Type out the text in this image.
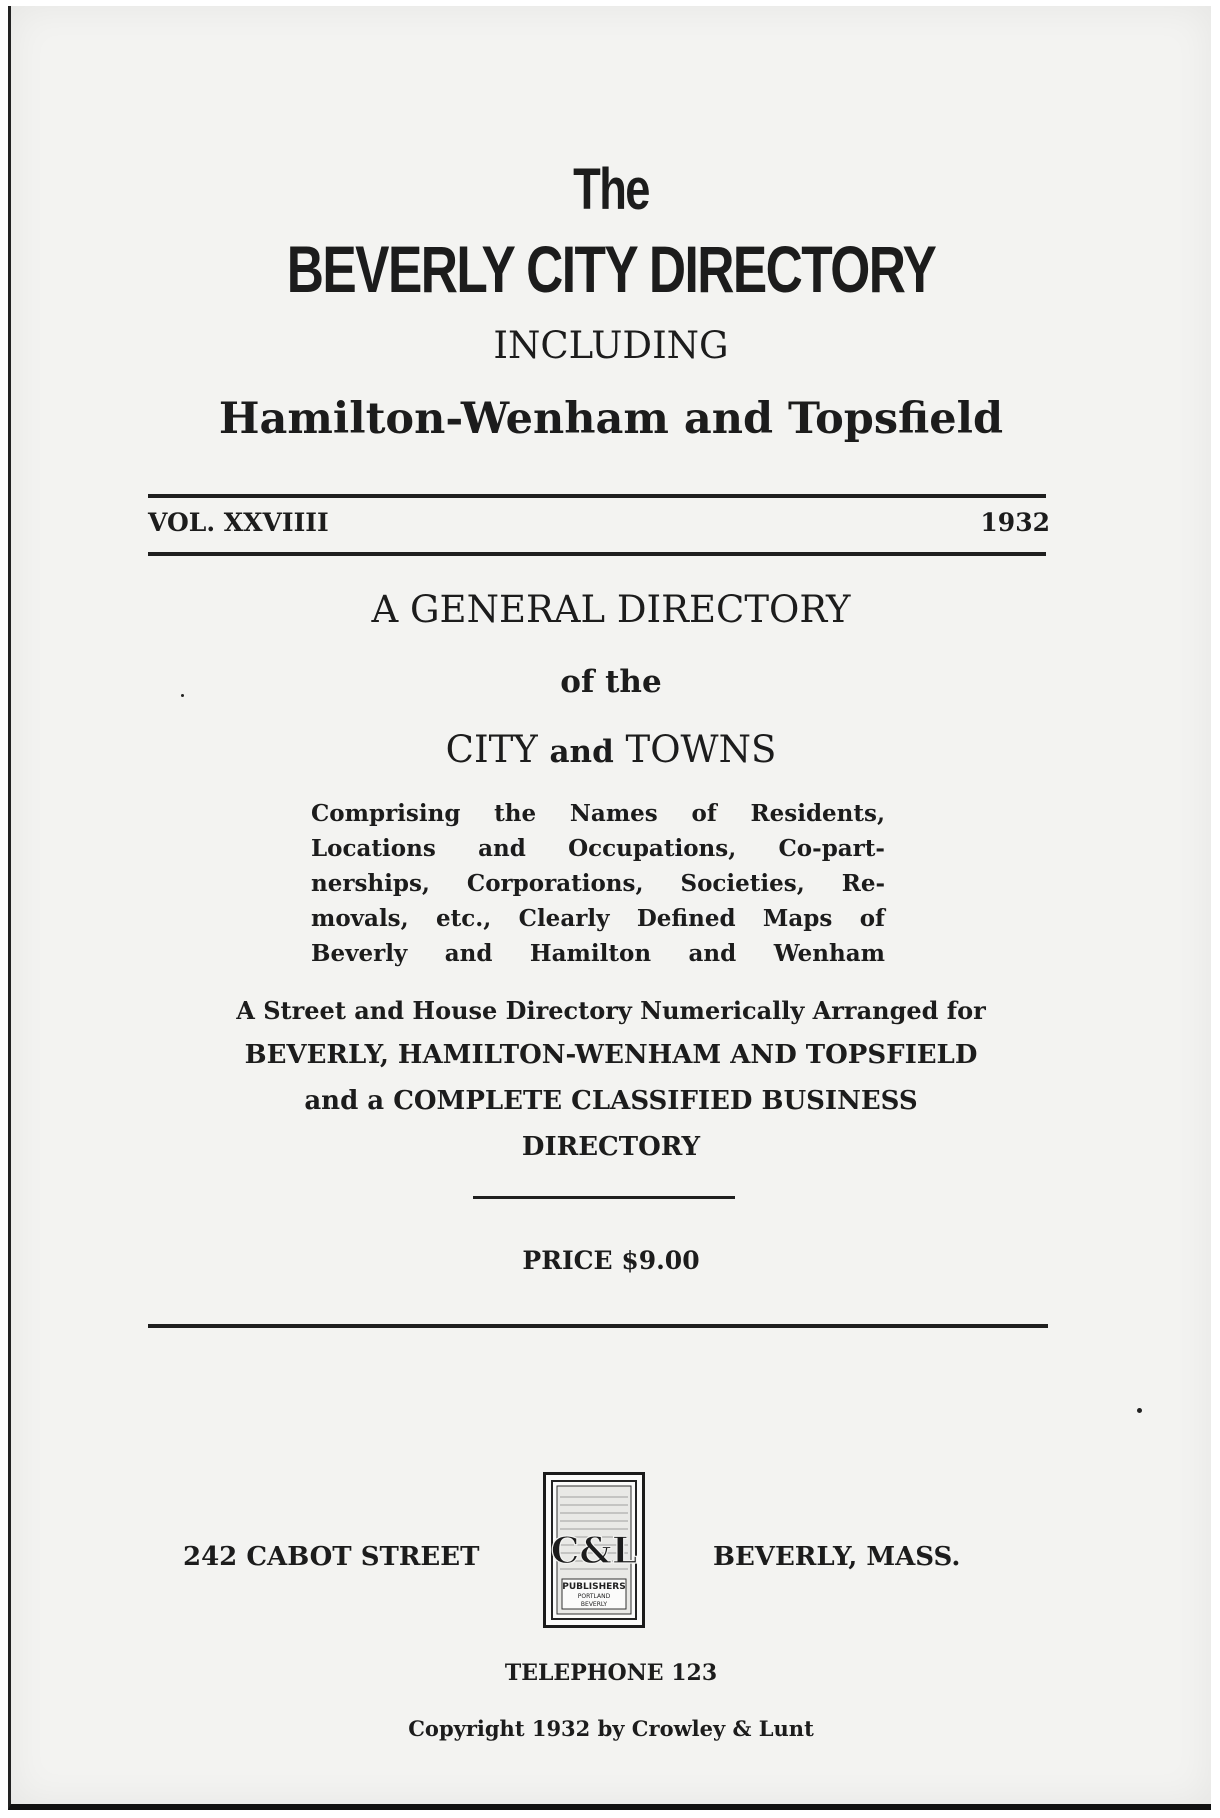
The
BEVERLY CITY DIRECTORY
INCLUDING
Hamilton-Wenham and Topsfield
VOL. XXVIIII	1932
A GENERAL DIRECTORY
of the
CITY and TOWNS
Comprising the Names of Residents,
Locations and Occupations, Co-part-
nerships, Corporations, Societies, Re-
movals, etc., Clearly Defined Maps of
Beverly and Hamilton and Wenham
A Street and House Directory Numerically Arranged for
BEVERLY, HAMILTON-WENHAM AND TOPSFIELD
and a COMPLETE CLASSIFIED BUSINESS
DIRECTORY
PRICE $9.00
242 CABOT STREET C&L
PUBLISHERS
PORTLAND
BEVERLY
BEVERLY, MASS.
TELEPHONE 123
Copyright 1932 by Crowley & Lunt
